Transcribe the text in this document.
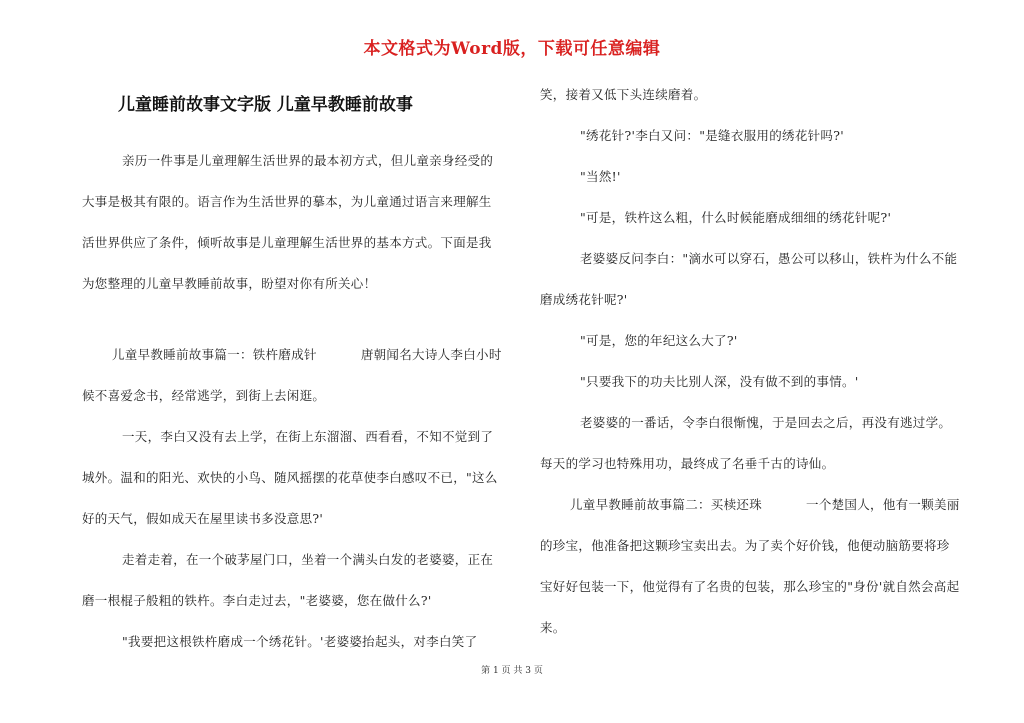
本文格式为Word版，下载可任意编辑
儿童睡前故事文字版 儿童早教睡前故事

亲历一件事是儿童理解生活世界的最本初方式，但儿童亲身经受的大事是极其有限的。语言作为生活世界的摹本，为儿童通过语言来理解生活世界供应了条件，倾听故事是儿童理解生活世界的基本方式。下面是我为您整理的儿童早教睡前故事，盼望对你有所关心！

儿童早教睡前故事篇一：铁杵磨成针	唐朝闻名大诗人李白小时候不喜爱念书，经常逃学，到街上去闲逛。

一天，李白又没有去上学，在街上东溜溜、西看看，不知不觉到了城外。温和的阳光、欢快的小鸟、随风摇摆的花草使李白感叹不已，"这么好的天气，假如成天在屋里读书多没意思?'

走着走着，在一个破茅屋门口，坐着一个满头白发的老婆婆，正在磨一根棍子般粗的铁杵。李白走过去，"老婆婆，您在做什么?'

"我要把这根铁杵磨成一个绣花针。'老婆婆抬起头，对李白笑了

笑，接着又低下头连续磨着。

"绣花针?'李白又问："是缝衣服用的绣花针吗?'

"当然!'

"可是，铁杵这么粗，什么时候能磨成细细的绣花针呢?'

老婆婆反问李白："滴水可以穿石，愚公可以移山，铁杵为什么不能磨成绣花针呢?'

"可是，您的年纪这么大了?'

"只要我下的功夫比别人深，没有做不到的事情。'

老婆婆的一番话，令李白很惭愧，于是回去之后，再没有逃过学。每天的学习也特殊用功，最终成了名垂千古的诗仙。

儿童早教睡前故事篇二：买椟还珠	一个楚国人，他有一颗美丽的珍宝，他准备把这颗珍宝卖出去。为了卖个好价钱，他便动脑筋要将珍宝好好包装一下，他觉得有了名贵的包装，那么珍宝的"身份'就自然会高起来。

第 1 页 共 3 页
